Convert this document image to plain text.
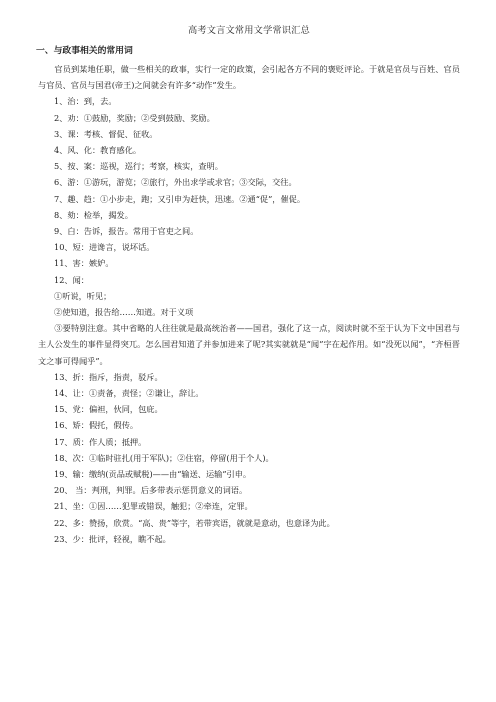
高考文言文常用文学常识汇总
一、与政事相关的常用词

官员到某地任职，做一些相关的政事，实行一定的政策，会引起各方不同的褒贬评论。于就是官员与百姓、官员与官员、官员与国君(帝王)之间就会有许多“动作”发生。

1、治：到，去。

2、劝：①鼓励，奖励；②受到鼓励、奖励。

3、课：考核、督促、征收。

4、风、化：教育感化。

5、按、案：巡视，巡行；考察，核实，查明。

6、游：①游玩，游览；②旅行，外出求学或求官；③交际，交往。

7、趣、趋：①小步走，跑；又引申为赶快，迅速。②通“促”，催促。

8、劾：检举，揭发。

9、白：告诉，报告。常用于官吏之间。

10、短：进谗言，说坏话。

11、害：嫉妒。

12、闻：

①听说，听见；

②使知道，报告给……知道。对于义项

③要特别注意。其中省略的人往往就是最高统治者——国君，强化了这一点，阅读时就不至于认为下文中国君与主人公发生的事件显得突兀。怎么国君知道了并参加进来了呢?其实就就是“闻”字在起作用。如“没死以闻”，“齐桓晋文之事可得闻乎”。

13、折：指斥，指责，驳斥。

14、让：①责备，责怪；②谦让，辞让。

15、党：偏袒，伙同，包庇。

16、矫：假托，假传。

17、质：作人质；抵押。

18、次：①临时驻扎(用于军队)；②住宿，停留(用于个人)。

19、输：缴纳(贡品或赋税)——由“输送、运输”引申。

20、 当：判刑，判罪。后多带表示惩罚意义的词语。

21、坐：①因……犯罪或错误，触犯；②牵连，定罪。

22、多：赞扬，欣赏。“高、贵”等字，若带宾语，就就是意动，也意译为此。

23、少：批评，轻视，瞧不起。
